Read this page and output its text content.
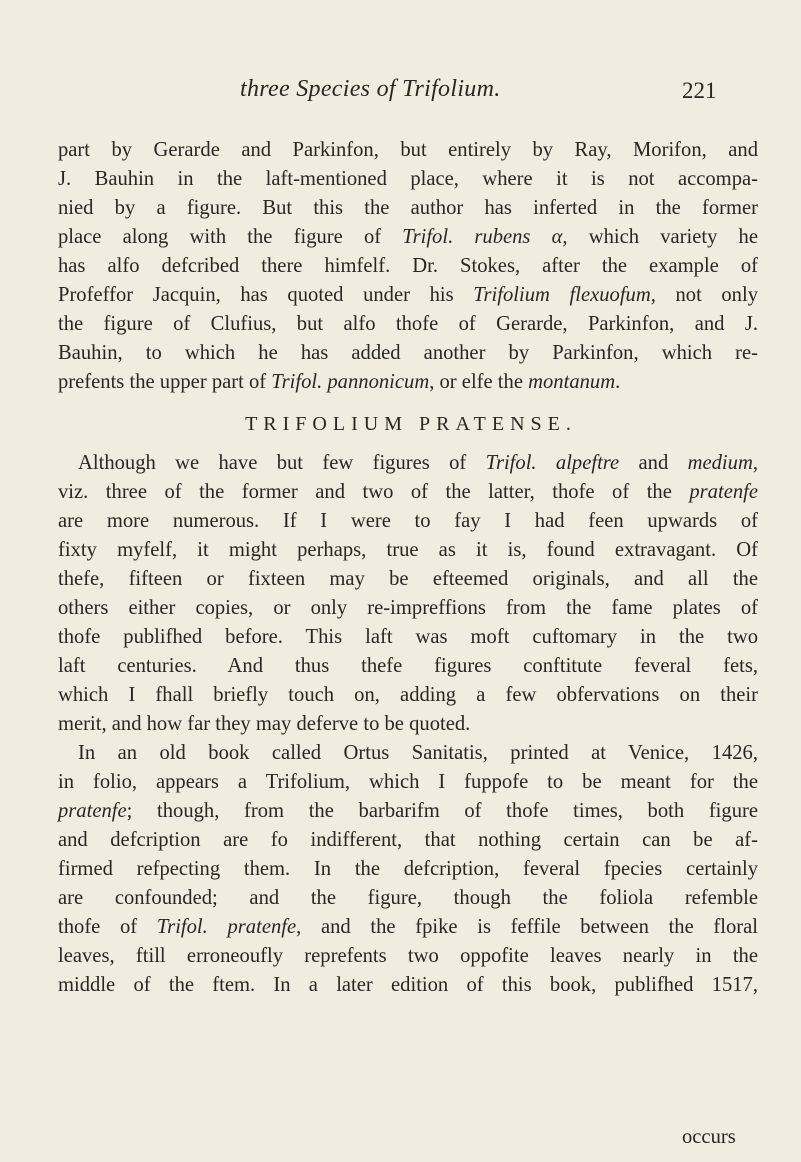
three Species of Trifolium.	221

part by Gerarde and Parkinfon, but entirely by Ray, Morifon, and

J. Bauhin in the laft-mentioned place, where it is not accompa-

nied by a figure. But this the author has inferted in the former

place along with the figure of Trifol. rubens α, which variety he

has alfo defcribed there himfelf. Dr. Stokes, after the example of

Profeffor Jacquin, has quoted under his Trifolium flexuofum, not only

the figure of Clufius, but alfo thofe of Gerarde, Parkinfon, and J.

Bauhin, to which he has added another by Parkinfon, which re-

prefents the upper part of Trifol. pannonicum, or elfe the montanum.

TRIFOLIUM PRATENSE.

Although we have but few figures of Trifol. alpeftre and medium,

viz. three of the former and two of the latter, thofe of the pratenfe

are more numerous. If I were to fay I had feen upwards of

fixty myfelf, it might perhaps, true as it is, found extravagant. Of

thefe, fifteen or fixteen may be efteemed originals, and all the

others either copies, or only re-impreffions from the fame plates of

thofe publifhed before. This laft was moft cuftomary in the two

laft centuries. And thus thefe figures conftitute feveral fets,

which I fhall briefly touch on, adding a few obfervations on their

merit, and how far they may deferve to be quoted.

In an old book called Ortus Sanitatis, printed at Venice, 1426,

in folio, appears a Trifolium, which I fuppofe to be meant for the

pratenfe; though, from the barbarifm of thofe times, both figure

and defcription are fo indifferent, that nothing certain can be af-

firmed refpecting them. In the defcription, feveral fpecies certainly

are confounded; and the figure, though the foliola refemble

thofe of Trifol. pratenfe, and the fpike is feffile between the floral

leaves, ftill erroneoufly reprefents two oppofite leaves nearly in the

middle of the ftem. In a later edition of this book, publifhed 1517,

occurs
